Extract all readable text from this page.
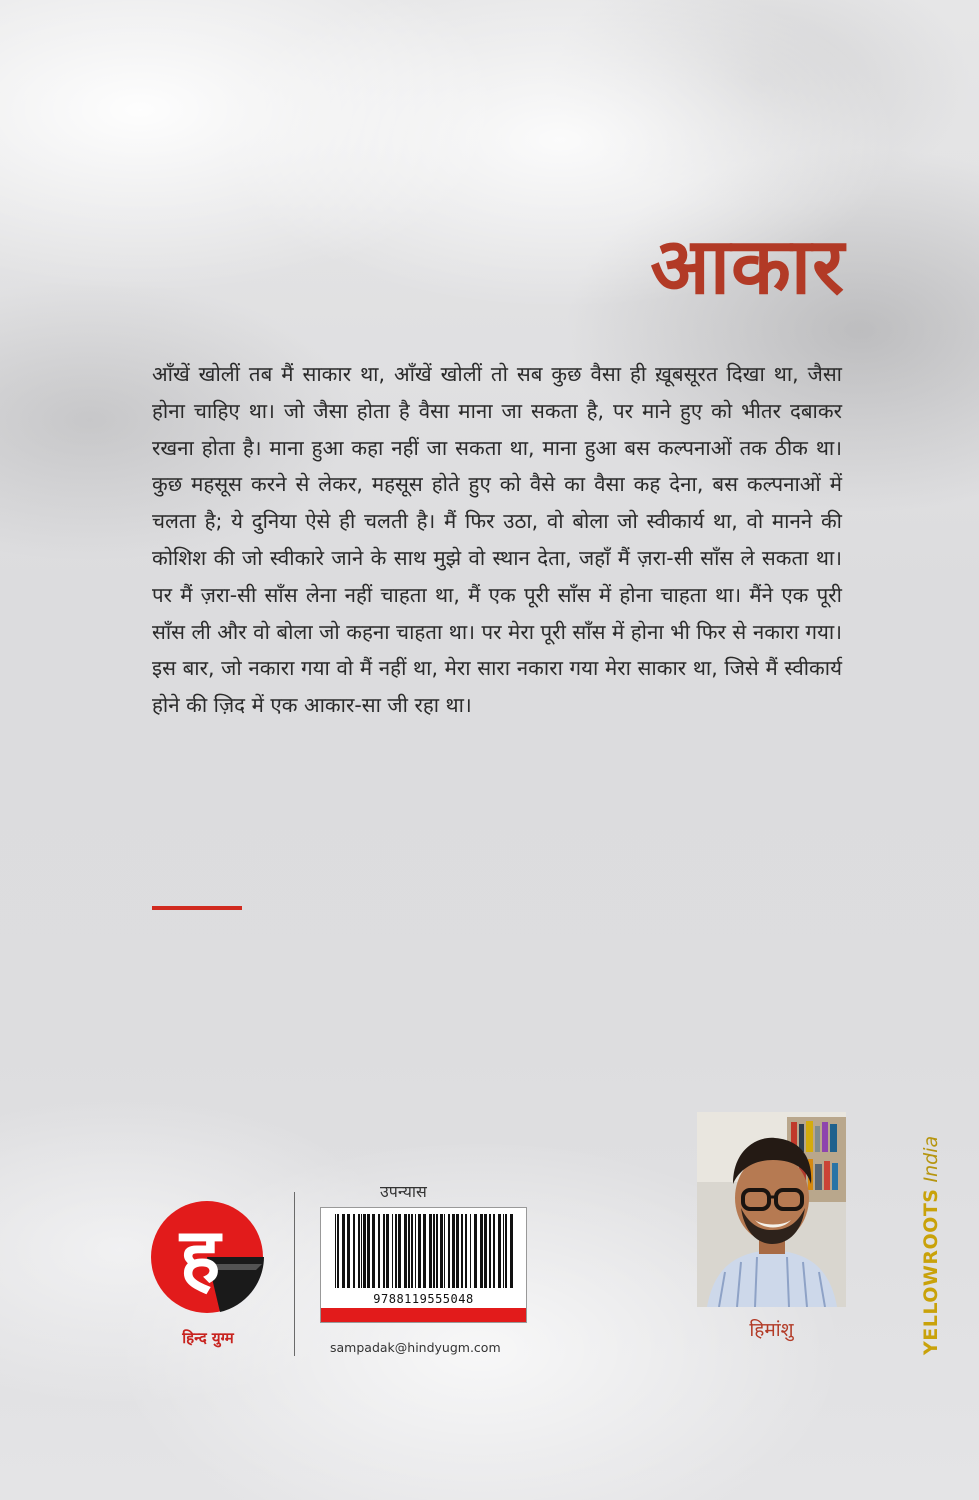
आकार

आँखें खोलीं तब मैं साकार था, आँखें खोलीं तो सब कुछ वैसा ही ख़ूबसूरत दिखा था, जैसा होना चाहिए था। जो जैसा होता है वैसा माना जा सकता है, पर माने हुए को भीतर दबाकर रखना होता है। माना हुआ कहा नहीं जा सकता था, माना हुआ बस कल्पनाओं तक ठीक था। कुछ महसूस करने से लेकर, महसूस होते हुए को वैसे का वैसा कह देना, बस कल्पनाओं में चलता है; ये दुनिया ऐसे ही चलती है। मैं फिर उठा, वो बोला जो स्वीकार्य था, वो मानने की कोशिश की जो स्वीकारे जाने के साथ मुझे वो स्थान देता, जहाँ मैं ज़रा-सी साँस ले सकता था। पर मैं ज़रा-सी साँस लेना नहीं चाहता था, मैं एक पूरी साँस में होना चाहता था। मैंने एक पूरी साँस ली और वो बोला जो कहना चाहता था। पर मेरा पूरी साँस में होना भी फिर से नकारा गया। इस बार, जो नकारा गया वो मैं नहीं था, मेरा सारा नकारा गया मेरा साकार था, जिसे मैं स्वीकार्य होने की ज़िद में एक आकार-सा जी रहा था।

ह
हिन्द युग्म
उपन्यास
9788119555048
sampadak@hindyugm.com
हिमांशु	YELLOWROOTS India
